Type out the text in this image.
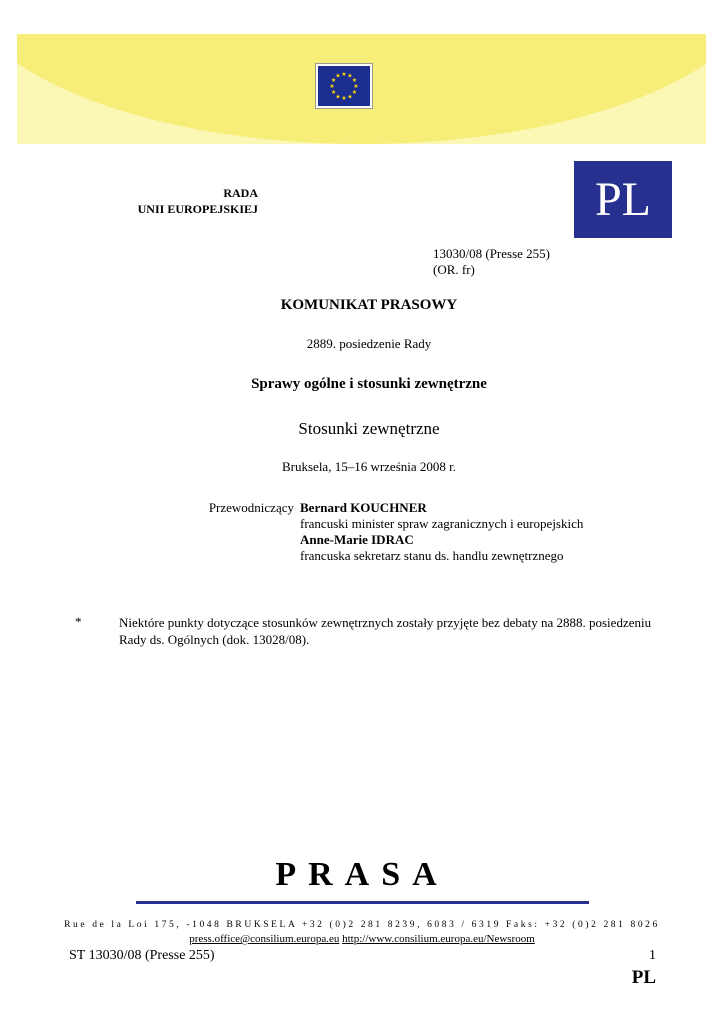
★ ★
★
★
★
★
★
★
★
★
★
★
RADA
UNII EUROPEJSKIEJ	PL
13030/08 (Presse 255)
(OR. fr)
KOMUNIKAT PRASOWY
2889. posiedzenie Rady
Sprawy ogólne i stosunki zewnętrzne
Stosunki zewnętrzne
Bruksela, 15–16 września 2008 r.
Przewodniczący Bernard KOUCHNER
francuski minister spraw zagranicznych i europejskich
Anne-Marie IDRAC
francuska sekretarz stanu ds. handlu zewnętrznego
*	Niektóre punkty dotyczące stosunków zewnętrznych zostały przyjęte bez debaty na 2888. posiedzeniu Rady ds. Ogólnych (dok. 13028/08).
PRASA
Rue de la Loi 175, -1048 BRUKSELA +32 (0)2 281 8239, 6083 / 6319 Faks: +32 (0)2 281 8026
press.office@consilium.europa.eu http://www.consilium.europa.eu/Newsroom
ST 13030/08 (Presse 255)	1
PL
